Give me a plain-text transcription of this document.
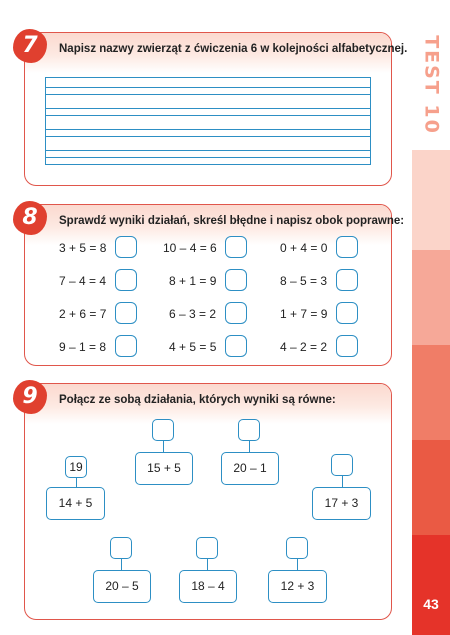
TEST 10
43
7	Napisz nazwy zwierząt z ćwiczenia 6 w kolejności alfabetycznej.
8	Sprawdź wyniki działań, skreśl błędne i napisz obok poprawne:
3 + 5 = 8	10 – 4 = 6	0 + 4 = 0
7 – 4 = 4	8 + 1 = 9	8 – 5 = 3
2 + 6 = 7	6 – 3 = 2	1 + 7 = 9
9 – 1 = 8	4 + 5 = 5	4 – 2 = 2
9	Połącz ze sobą działania, których wyniki są równe:
19
14 + 5
15 + 5	20 – 1
17 + 3
20 – 5	18 – 4	12 + 3
